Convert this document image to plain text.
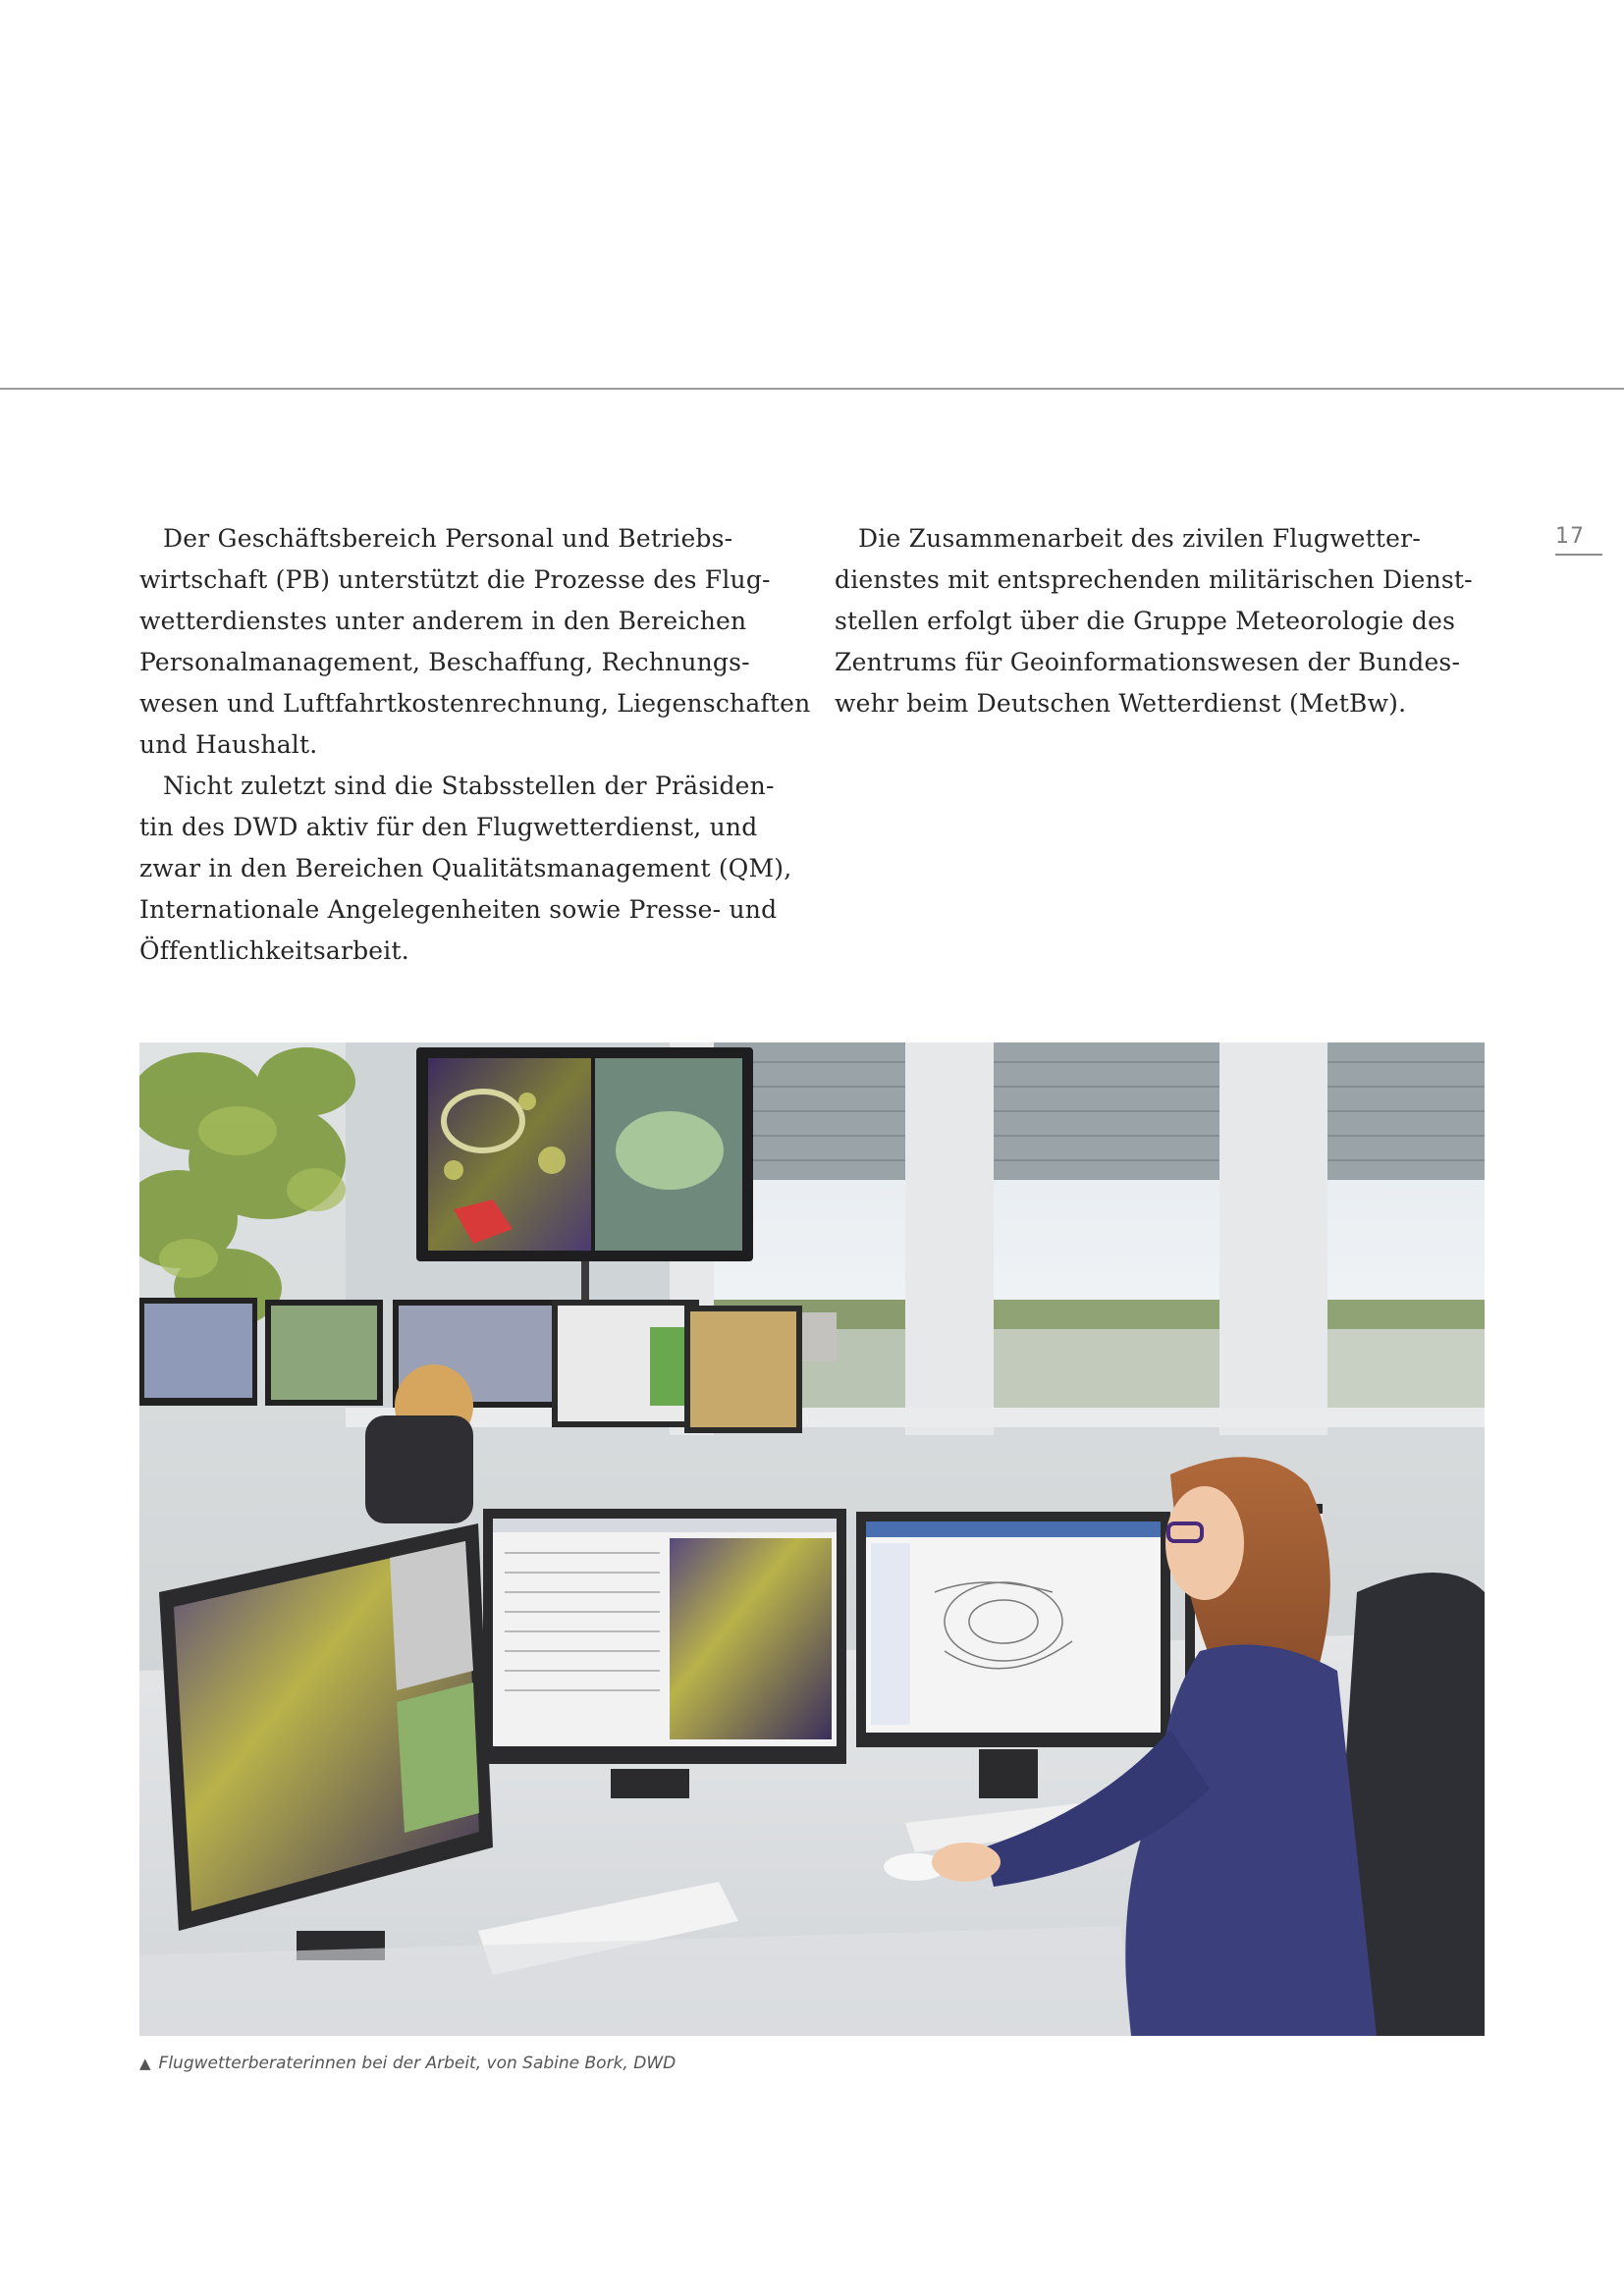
17
Der Geschäftsbereich Personal und Betriebs-
wirtschaft (PB) unterstützt die Prozesse des Flug-
wetterdienstes unter anderem in den Bereichen
Personalmanagement, Beschaffung, Rechnungs-
wesen und Luftfahrtkostenrechnung, Liegenschaften
und Haushalt.
Nicht zuletzt sind die Stabsstellen der Präsiden-
tin des DWD aktiv für den Flugwetterdienst, und
zwar in den Bereichen Qualitätsmanagement (QM),
Internationale Angelegenheiten sowie Presse- und
Öffentlichkeitsarbeit.
Die Zusammenarbeit des zivilen Flugwetter-
dienstes mit entsprechenden militärischen Dienst-
stellen erfolgt über die Gruppe Meteorologie des
Zentrums für Geoinformationswesen der Bundes-
wehr beim Deutschen Wetterdienst (MetBw).
▲ Flugwetterberaterinnen bei der Arbeit, von Sabine Bork, DWD
